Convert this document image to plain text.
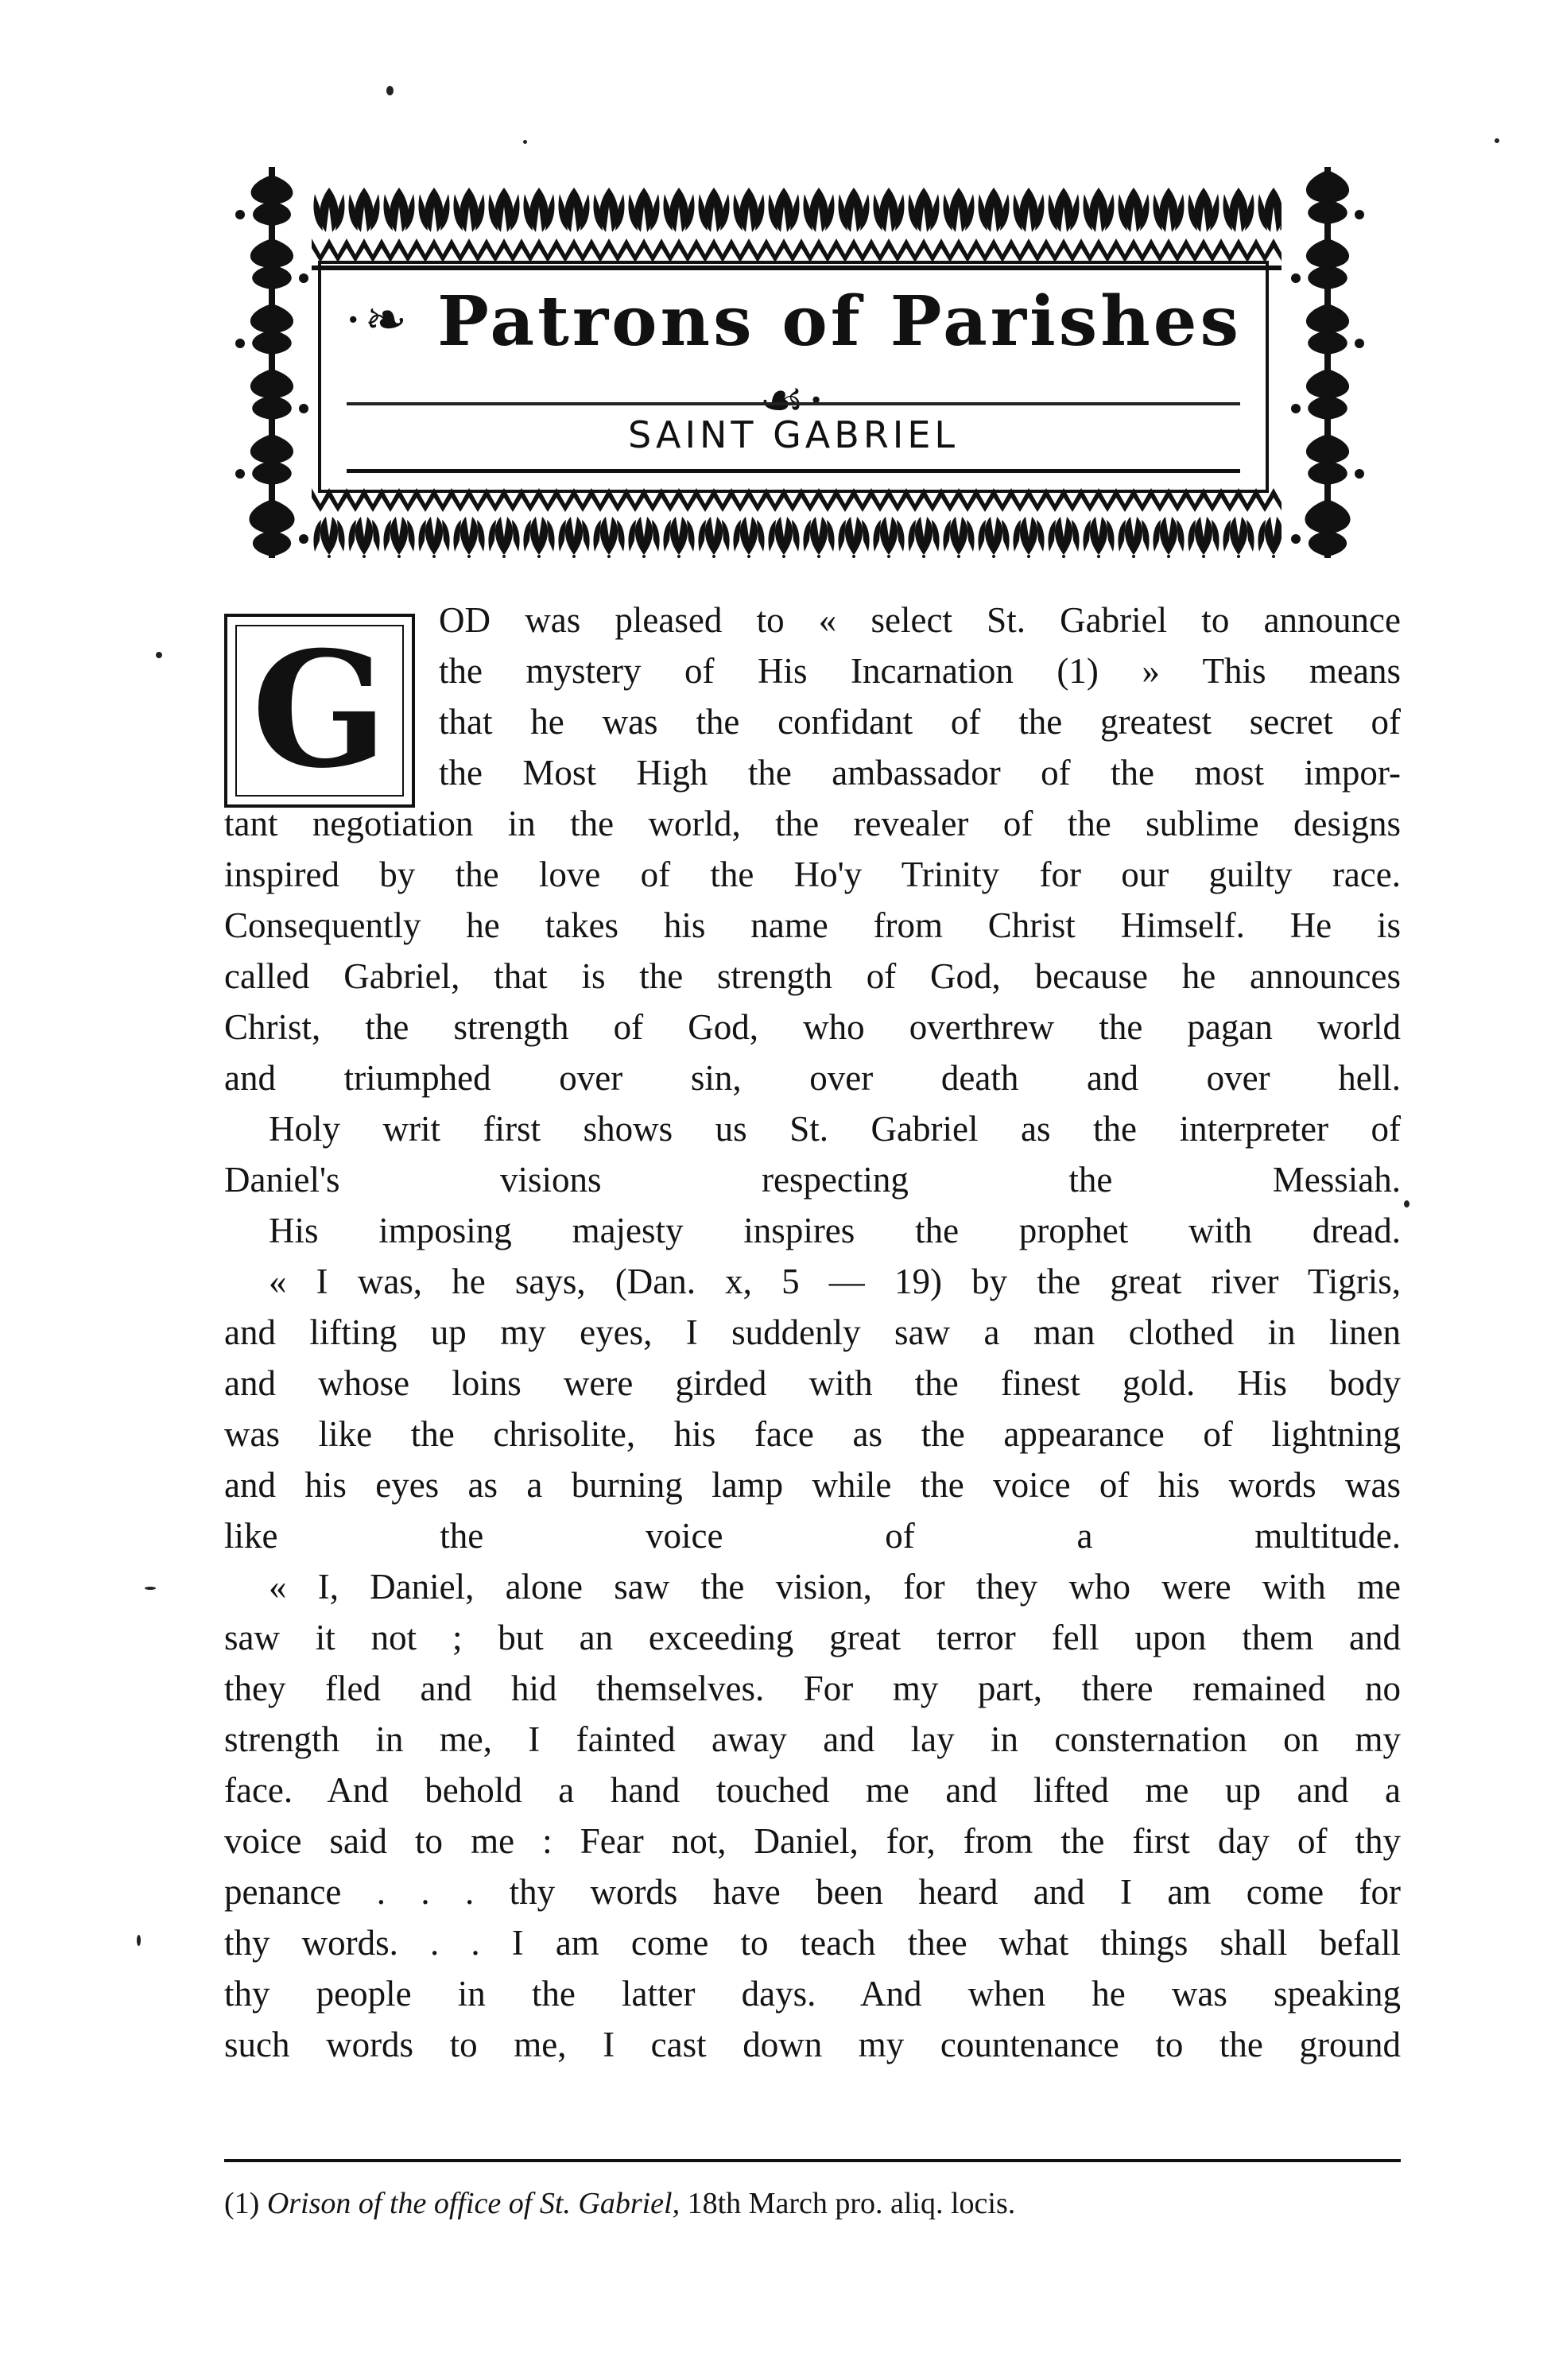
·❧ Patrons of Parishes ☙·
SAINT GABRIEL
G	OD was pleased to « select St. Gabriel to announce
the mystery of His Incarnation (1) » This means
that he was the confidant of the greatest secret of
the Most High the ambassador of the most impor-
tant negotiation in the world, the revealer of the sublime designs
inspired by the love of the Ho'y Trinity for our guilty race.
Consequently he takes his name from Christ Himself. He is
called Gabriel, that is the strength of God, because he announces
Christ, the strength of God, who overthrew the pagan world
and triumphed over sin, over death and over hell.

Holy writ first shows us St. Gabriel as the interpreter of
Daniel's visions respecting the Messiah.

His imposing majesty inspires the prophet with dread.

« I was, he says, (Dan. x, 5 — 19) by the great river Tigris,
and lifting up my eyes, I suddenly saw a man clothed in linen
and whose loins were girded with the finest gold. His body
was like the chrisolite, his face as the appearance of lightning
and his eyes as a burning lamp while the voice of his words was
like the voice of a multitude.

« I, Daniel, alone saw the vision, for they who were with me
saw it not ; but an exceeding great terror fell upon them and
they fled and hid themselves. For my part, there remained no
strength in me, I fainted away and lay in consternation on my
face. And behold a hand touched me and lifted me up and a
voice said to me : Fear not, Daniel, for, from the first day of thy
penance . . . thy words have been heard and I am come for
thy words. . . I am come to teach thee what things shall befall
thy people in the latter days. And when he was speaking
such words to me, I cast down my countenance to the ground

(1) Orison of the office of St. Gabriel, 18th March pro. aliq. locis.
